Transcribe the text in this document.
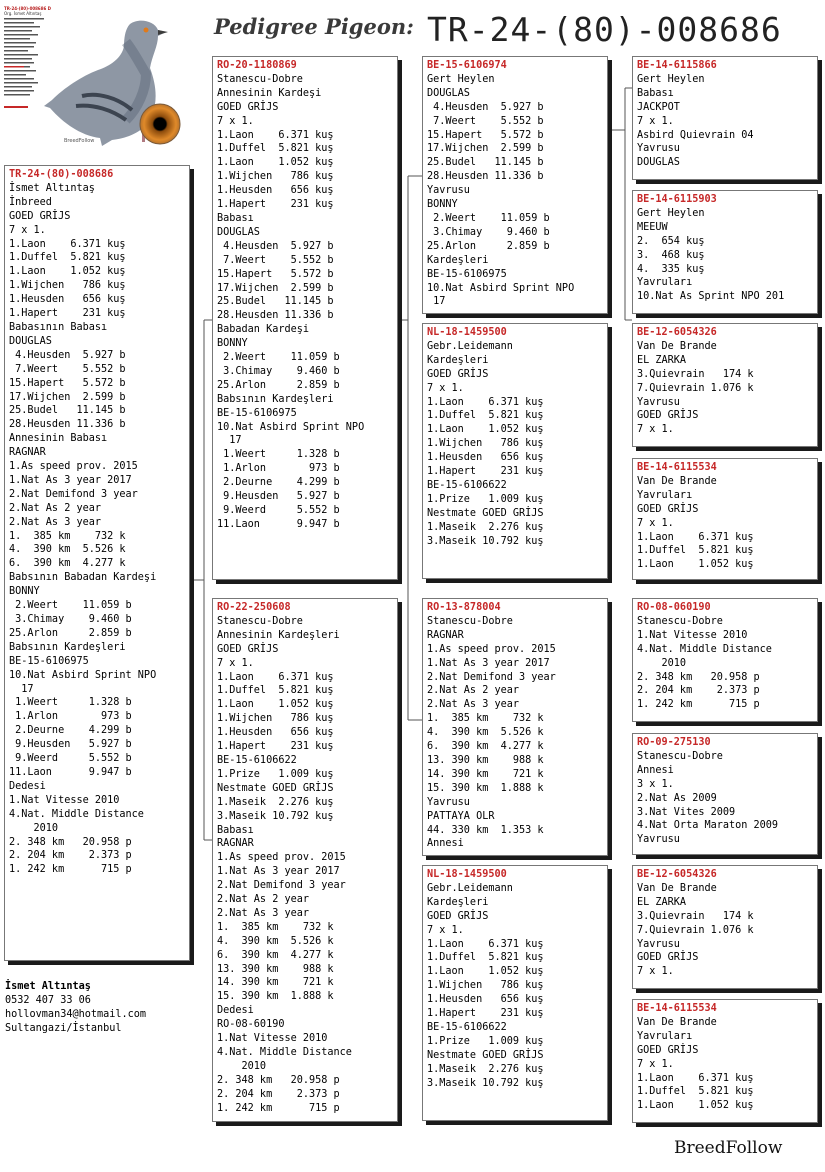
Pedigree Pigeon: TR-24-(80)-008686
TR-24-(80)-008686 D
Org. İsmet Altıntaş
BreedFollow
TR-24-(80)-008686
İsmet Altıntaş
İnbreed
GOED GRİJS
7 x 1.
1.Laon    6.371 kuş
1.Duffel  5.821 kuş
1.Laon    1.052 kuş
1.Wijchen   786 kuş
1.Heusden   656 kuş
1.Hapert    231 kuş
Babasının Babası
DOUGLAS
4.Heusden  5.927 b
7.Weert    5.552 b
15.Hapert   5.572 b
17.Wijchen  2.599 b
25.Budel   11.145 b
28.Heusden 11.336 b
Annesinin Babası
RAGNAR
1.As speed prov. 2015
1.Nat As 3 year 2017
2.Nat Demifond 3 year
2.Nat As 2 year
2.Nat As 3 year
1.  385 km    732 k
4.  390 km  5.526 k
6.  390 km  4.277 k
Babsının Babadan Kardeşi
BONNY
2.Weert    11.059 b
3.Chimay    9.460 b
25.Arlon     2.859 b
Babsının Kardeşleri
BE-15-6106975
10.Nat Asbird Sprint NPO
17
1.Weert     1.328 b
1.Arlon       973 b
2.Deurne    4.299 b
9.Heusden   5.927 b
9.Weerd     5.552 b
11.Laon      9.947 b
Dedesi
1.Nat Vitesse 2010
4.Nat. Middle Distance
2010
2. 348 km   20.958 p
2. 204 km    2.373 p
1. 242 km      715 p
İsmet Altıntaş
0532 407 33 06
hollovman34@hotmail.com
Sultangazi/İstanbul
RO-20-1180869
Stanescu-Dobre
Annesinin Kardeşi
GOED GRİJS
7 x 1.
1.Laon    6.371 kuş
1.Duffel  5.821 kuş
1.Laon    1.052 kuş
1.Wijchen   786 kuş
1.Heusden   656 kuş
1.Hapert    231 kuş
Babası
DOUGLAS
4.Heusden  5.927 b
7.Weert    5.552 b
15.Hapert   5.572 b
17.Wijchen  2.599 b
25.Budel   11.145 b
28.Heusden 11.336 b
Babadan Kardeşi
BONNY
2.Weert    11.059 b
3.Chimay    9.460 b
25.Arlon     2.859 b
Babsının Kardeşleri
BE-15-6106975
10.Nat Asbird Sprint NPO
17
1.Weert     1.328 b
1.Arlon       973 b
2.Deurne    4.299 b
9.Heusden   5.927 b
9.Weerd     5.552 b
11.Laon      9.947 b
RO-22-250608
Stanescu-Dobre
Annesinin Kardeşleri
GOED GRİJS
7 x 1.
1.Laon    6.371 kuş
1.Duffel  5.821 kuş
1.Laon    1.052 kuş
1.Wijchen   786 kuş
1.Heusden   656 kuş
1.Hapert    231 kuş
BE-15-6106622
1.Prize   1.009 kuş
Nestmate GOED GRİJS
1.Maseik  2.276 kuş
3.Maseik 10.792 kuş
Babası
RAGNAR
1.As speed prov. 2015
1.Nat As 3 year 2017
2.Nat Demifond 3 year
2.Nat As 2 year
2.Nat As 3 year
1.  385 km    732 k
4.  390 km  5.526 k
6.  390 km  4.277 k
13. 390 km    988 k
14. 390 km    721 k
15. 390 km  1.888 k
Dedesi
RO-08-60190
1.Nat Vitesse 2010
4.Nat. Middle Distance
2010
2. 348 km   20.958 p
2. 204 km    2.373 p
1. 242 km      715 p
BE-15-6106974
Gert Heylen
DOUGLAS
4.Heusden  5.927 b
7.Weert    5.552 b
15.Hapert   5.572 b
17.Wijchen  2.599 b
25.Budel   11.145 b
28.Heusden 11.336 b
Yavrusu
BONNY
2.Weert    11.059 b
3.Chimay    9.460 b
25.Arlon     2.859 b
Kardeşleri
BE-15-6106975
10.Nat Asbird Sprint NPO
17
NL-18-1459500
Gebr.Leidemann
Kardeşleri
GOED GRİJS
7 x 1.
1.Laon    6.371 kuş
1.Duffel  5.821 kuş
1.Laon    1.052 kuş
1.Wijchen   786 kuş
1.Heusden   656 kuş
1.Hapert    231 kuş
BE-15-6106622
1.Prize   1.009 kuş
Nestmate GOED GRİJS
1.Maseik  2.276 kuş
3.Maseik 10.792 kuş
RO-13-878004
Stanescu-Dobre
RAGNAR
1.As speed prov. 2015
1.Nat As 3 year 2017
2.Nat Demifond 3 year
2.Nat As 2 year
2.Nat As 3 year
1.  385 km    732 k
4.  390 km  5.526 k
6.  390 km  4.277 k
13. 390 km    988 k
14. 390 km    721 k
15. 390 km  1.888 k
Yavrusu
PATTAYA OLR
44. 330 km  1.353 k
Annesi
NL-18-1459500
Gebr.Leidemann
Kardeşleri
GOED GRİJS
7 x 1.
1.Laon    6.371 kuş
1.Duffel  5.821 kuş
1.Laon    1.052 kuş
1.Wijchen   786 kuş
1.Heusden   656 kuş
1.Hapert    231 kuş
BE-15-6106622
1.Prize   1.009 kuş
Nestmate GOED GRİJS
1.Maseik  2.276 kuş
3.Maseik 10.792 kuş
BE-14-6115866
Gert Heylen
Babası
JACKPOT
7 x 1.
Asbird Quievrain 04
Yavrusu
DOUGLAS
BE-14-6115903
Gert Heylen
MEEUW
2.  654 kuş
3.  468 kuş
4.  335 kuş
Yavruları
10.Nat As Sprint NPO 201
BE-12-6054326
Van De Brande
EL ZARKA
3.Quievrain   174 k
7.Quievrain 1.076 k
Yavrusu
GOED GRİJS
7 x 1.
BE-14-6115534
Van De Brande
Yavruları
GOED GRİJS
7 x 1.
1.Laon    6.371 kuş
1.Duffel  5.821 kuş
1.Laon    1.052 kuş
RO-08-060190
Stanescu-Dobre
1.Nat Vitesse 2010
4.Nat. Middle Distance
2010
2. 348 km   20.958 p
2. 204 km    2.373 p
1. 242 km      715 p
RO-09-275130
Stanescu-Dobre
Annesi
3 x 1.
2.Nat As 2009
3.Nat Vites 2009
4.Nat Orta Maraton 2009
Yavrusu
BE-12-6054326
Van De Brande
EL ZARKA
3.Quievrain   174 k
7.Quievrain 1.076 k
Yavrusu
GOED GRİJS
7 x 1.
BE-14-6115534
Van De Brande
Yavruları
GOED GRİJS
7 x 1.
1.Laon    6.371 kuş
1.Duffel  5.821 kuş
1.Laon    1.052 kuş
BreedFollow
